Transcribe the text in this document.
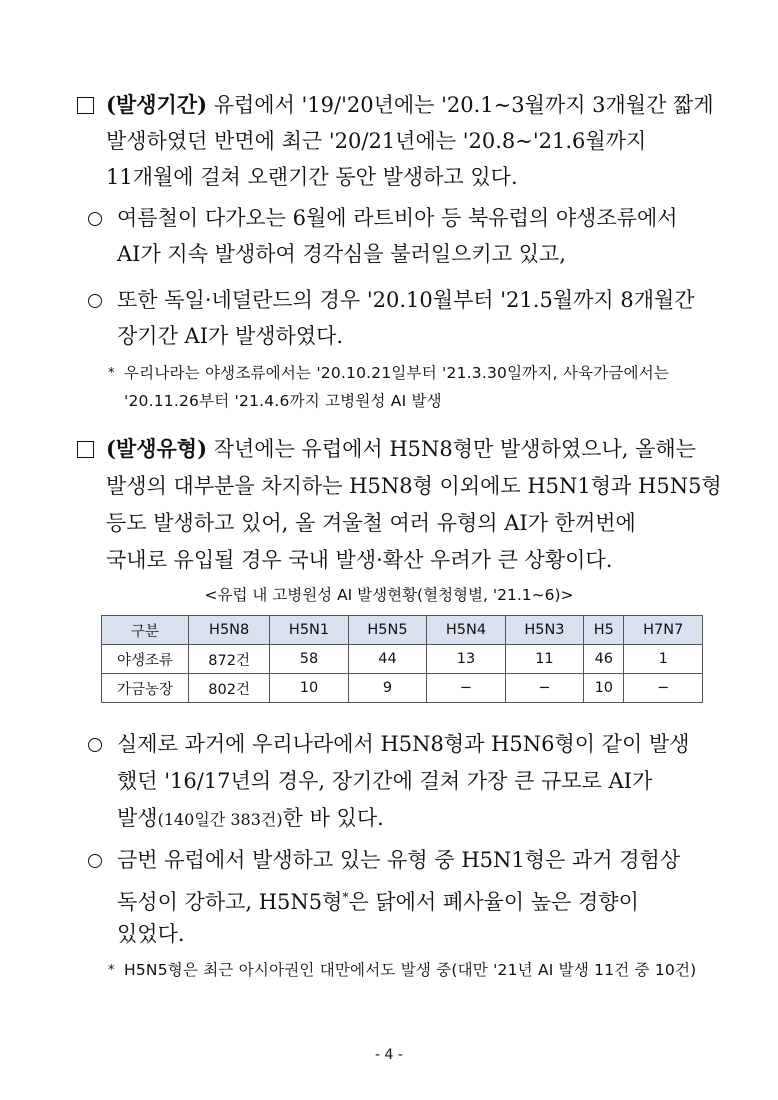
(발생기간) 유럽에서 '19/'20년에는 '20.1∼3월까지 3개월간 짧게
발생하였던 반면에 최근 '20/21년에는 '20.8∼'21.6월까지
11개월에 걸쳐 오랜기간 동안 발생하고 있다.
여름철이 다가오는 6월에 라트비아 등 북유럽의 야생조류에서
AI가 지속 발생하여 경각심을 불러일으키고 있고,
또한 독일·네덜란드의 경우 '20.10월부터 '21.5월까지 8개월간
장기간 AI가 발생하였다.
* 우리나라는 야생조류에서는 '20.10.21일부터 '21.3.30일까지, 사육가금에서는
'20.11.26부터 '21.4.6까지 고병원성 AI 발생
(발생유형) 작년에는 유럽에서 H5N8형만 발생하였으나, 올해는
발생의 대부분을 차지하는 H5N8형 이외에도 H5N1형과 H5N5형
등도 발생하고 있어, 올 겨울철 여러 유형의 AI가 한꺼번에
국내로 유입될 경우 국내 발생·확산 우려가 큰 상황이다.
<유럽 내 고병원성 AI 발생현황(혈청형별, '21.1∼6)>
구분	H5N8	H5N1	H5N5	H5N4	H5N3	H5	H7N7
야생조류	872건	58	44	13	11	46	1
가금농장	802건	10	9	−	−	10	−
실제로 과거에 우리나라에서 H5N8형과 H5N6형이 같이 발생
했던 '16/17년의 경우, 장기간에 걸쳐 가장 큰 규모로 AI가
발생(140일간 383건)한 바 있다.
금번 유럽에서 발생하고 있는 유형 중 H5N1형은 과거 경험상
독성이 강하고, H5N5형*은 닭에서 폐사율이 높은 경향이
있었다.
* H5N5형은 최근 아시아권인 대만에서도 발생 중(대만 '21년 AI 발생 11건 중 10건)
- 4 -
